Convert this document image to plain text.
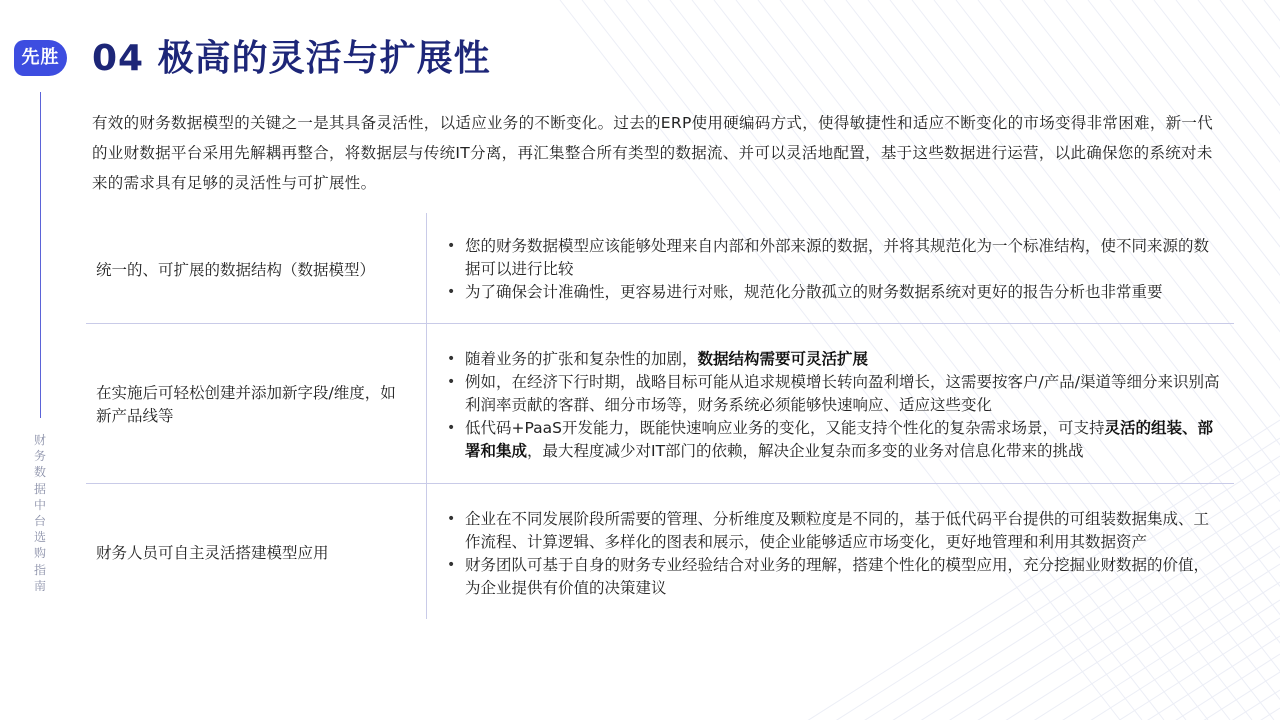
先胜
财务数据中台选购指南
04 极高的灵活与扩展性

有效的财务数据模型的关键之一是其具备灵活性，以适应业务的不断变化。过去的ERP使用硬编码方式，使得敏捷性和适应不断变化的市场变得非常困难，新一代的业财数据平台采用先解耦再整合，将数据层与传统IT分离，再汇集整合所有类型的数据流、并可以灵活地配置，基于这些数据进行运营，以此确保您的系统对未来的需求具有足够的灵活性与可扩展性。

统一的、可扩展的数据结构（数据模型）
• 您的财务数据模型应该能够处理来自内部和外部来源的数据，并将其规范化为一个标准结构，使不同来源的数据可以进行比较
• 为了确保会计准确性，更容易进行对账，规范化分散孤立的财务数据系统对更好的报告分析也非常重要
在实施后可轻松创建并添加新字段/维度，如新产品线等
• 随着业务的扩张和复杂性的加剧，数据结构需要可灵活扩展
• 例如，在经济下行时期，战略目标可能从追求规模增长转向盈利增长，这需要按客户/产品/渠道等细分来识别高利润率贡献的客群、细分市场等，财务系统必须能够快速响应、适应这些变化
• 低代码+PaaS开发能力，既能快速响应业务的变化，又能支持个性化的复杂需求场景，可支持灵活的组装、部署和集成，最大程度减少对IT部门的依赖，解决企业复杂而多变的业务对信息化带来的挑战
财务人员可自主灵活搭建模型应用
• 企业在不同发展阶段所需要的管理、分析维度及颗粒度是不同的，基于低代码平台提供的可组装数据集成、工作流程、计算逻辑、多样化的图表和展示，使企业能够适应市场变化，更好地管理和利用其数据资产
• 财务团队可基于自身的财务专业经验结合对业务的理解，搭建个性化的模型应用，充分挖掘业财数据的价值，为企业提供有价值的决策建议
